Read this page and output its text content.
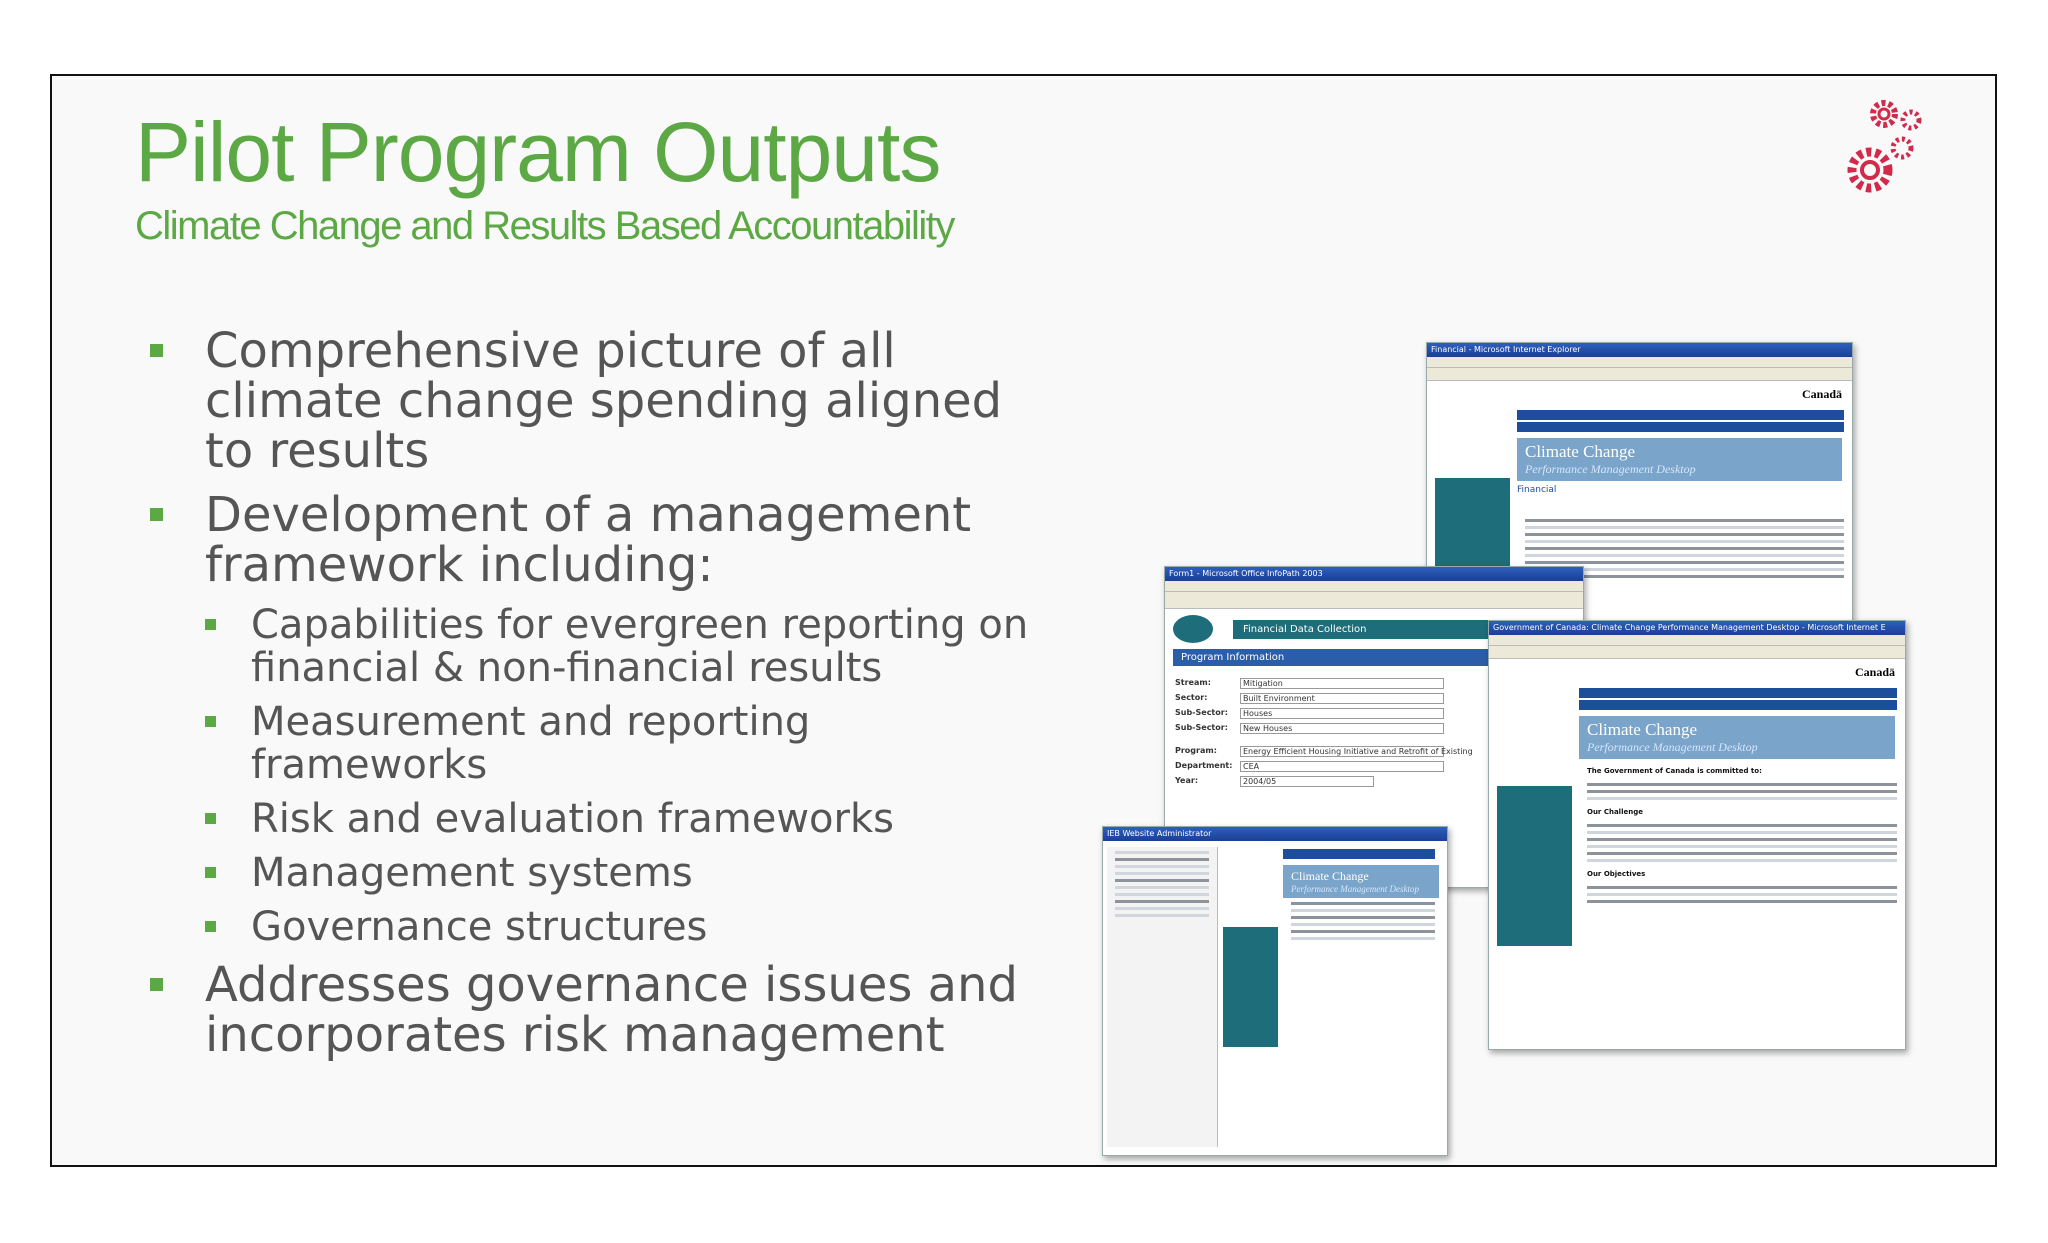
Pilot Program Outputs
Climate Change and Results Based Accountability
Comprehensive picture of all climate change spending aligned to results
Development of a management framework including:
Capabilities for evergreen reporting on financial & non-financial results
Measurement and reporting frameworks
Risk and evaluation frameworks
Management systems
Governance structures
Addresses governance issues and incorporates risk management
Financial - Microsoft Internet Explorer
Canadä
Climate Change
Performance Management Desktop
Financial
Form1 - Microsoft Office InfoPath 2003
Financial Data Collection
Program Information
Stream:	Mitigation
Sector:	Built Environment
Sub-Sector:	Houses
Sub-Sector:	New Houses
Program:	Energy Efficient Housing Initiative and Retrofit of Existing
Department:	CEA
Year:	2004/05
Government of Canada: Climate Change Performance Management Desktop - Microsoft Internet E
Canadä
Climate Change
Performance Management Desktop
The Government of Canada is committed to:
Our Challenge
Our Objectives
IEB Website Administrator
Climate Change
Performance Management Desktop
